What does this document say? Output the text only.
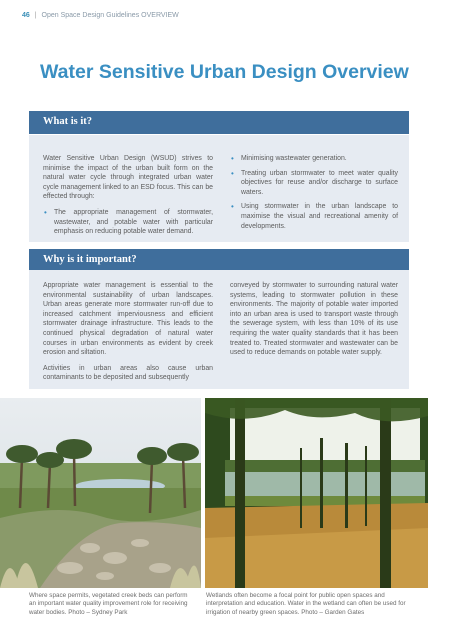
46 | Open Space Design Guidelines OVERVIEW
Water Sensitive Urban Design Overview
What is it?

Water Sensitive Urban Design (WSUD) strives to minimise the impact of the urban built form on the natural water cycle through integrated urban water cycle management linked to an ESD focus. This can be effected through:

• The appropriate management of stormwater, wastewater, and potable water with particular emphasis on reducing potable water demand.
• Minimising wastewater generation.
• Treating urban stormwater to meet water quality objectives for reuse and/or discharge to surface waters.
• Using stormwater in the urban landscape to maximise the visual and recreational amenity of developments.
Why is it important?

Appropriate water management is essential to the environmental sustainability of urban landscapes. Urban areas generate more stormwater run-off due to increased catchment imperviousness and efficient stormwater drainage infrastructure. This leads to the continued physical degradation of natural water courses in urban environments as evident by creek erosion and siltation.

Activities in urban areas also cause urban contaminants to be deposited and subsequently

conveyed by stormwater to surrounding natural water systems, leading to stormwater pollution in these environments. The majority of potable water imported into an urban area is used to transport waste through the sewerage system, with less than 10% of its use requiring the water quality standards that it has been treated to. Treated stormwater and wastewater can be used to reduce demands on potable water supply.

Where space permits, vegetated creek beds can perform an important water quality improvement role for receiving water bodies. Photo – Sydney Park
Wetlands often become a focal point for public open spaces and interpretation and education. Water in the wetland can often be used for irrigation of nearby green spaces. Photo – Garden Gates
